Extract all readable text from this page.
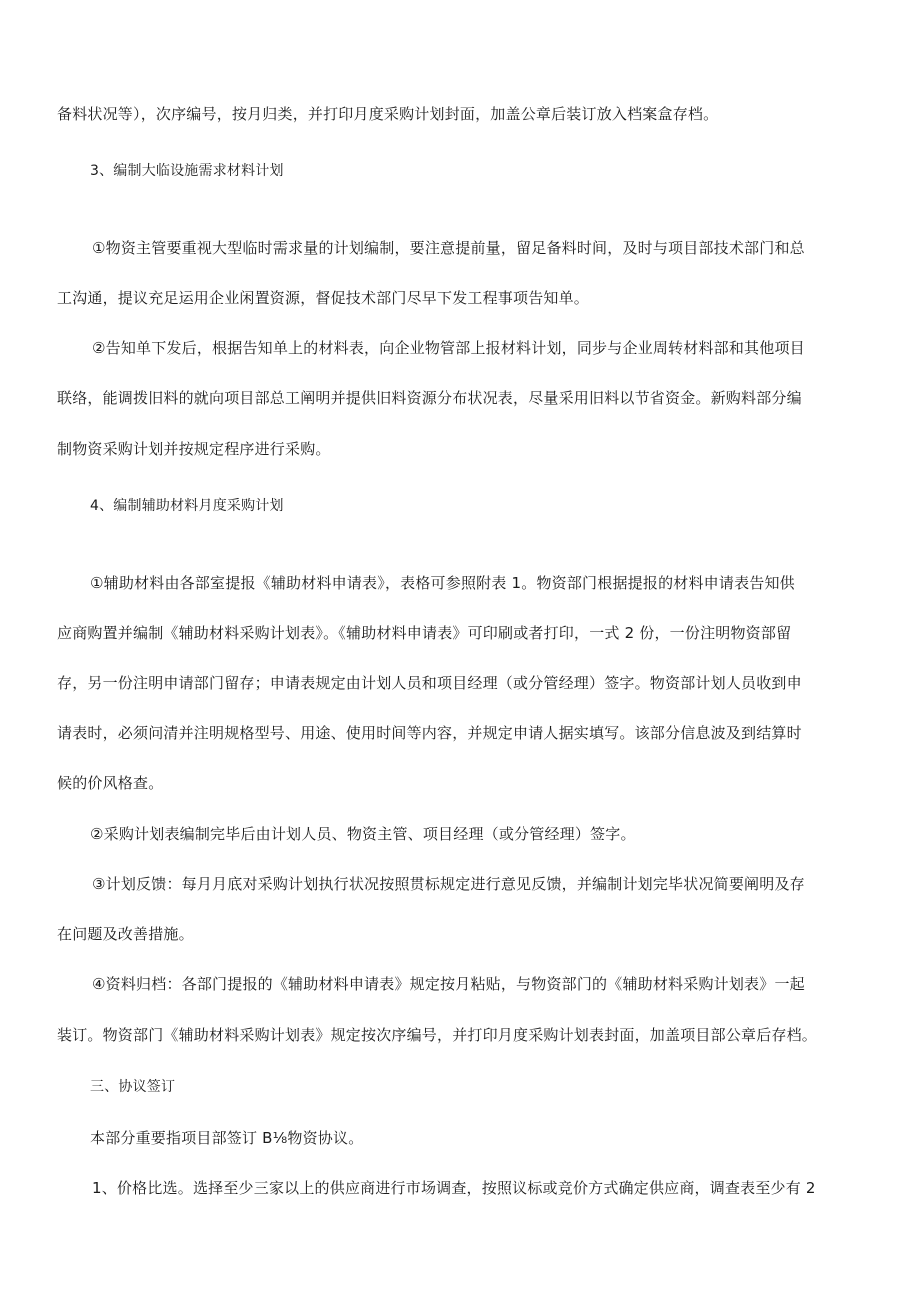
备料状况等），次序编号，按月归类，并打印月度采购计划封面，加盖公章后装订放入档案盒存档。
3、编制大临设施需求材料计划
①物资主管要重视大型临时需求量的计划编制，要注意提前量，留足备料时间，及时与项目部技术部门和总
工沟通，提议充足运用企业闲置资源，督促技术部门尽早下发工程事项告知单。
②告知单下发后，根据告知单上的材料表，向企业物管部上报材料计划，同步与企业周转材料部和其他项目
联络，能调拨旧料的就向项目部总工阐明并提供旧料资源分布状况表，尽量采用旧料以节省资金。新购料部分编
制物资采购计划并按规定程序进行采购。
4、编制辅助材料月度采购计划
①辅助材料由各部室提报《辅助材料申请表》，表格可参照附表 1。物资部门根据提报的材料申请表告知供
应商购置并编制《辅助材料采购计划表》。《辅助材料申请表》可印刷或者打印，一式 2 份，一份注明物资部留
存，另一份注明申请部门留存；申请表规定由计划人员和项目经理（或分管经理）签字。物资部计划人员收到申
请表时，必须问清并注明规格型号、用途、使用时间等内容，并规定申请人据实填写。该部分信息波及到结算时
候的价风格查。
②采购计划表编制完毕后由计划人员、物资主管、项目经理（或分管经理）签字。
③计划反馈：每月月底对采购计划执行状况按照贯标规定进行意见反馈，并编制计划完毕状况简要阐明及存
在问题及改善措施。
④资料归档：各部门提报的《辅助材料申请表》规定按月粘贴，与物资部门的《辅助材料采购计划表》一起
装订。物资部门《辅助材料采购计划表》规定按次序编号，并打印月度采购计划表封面，加盖项目部公章后存档。
三、协议签订
本部分重要指项目部签订 B⅛物资协议。
1、价格比选。选择至少三家以上的供应商进行市场调查，按照议标或竞价方式确定供应商，调查表至少有 2
